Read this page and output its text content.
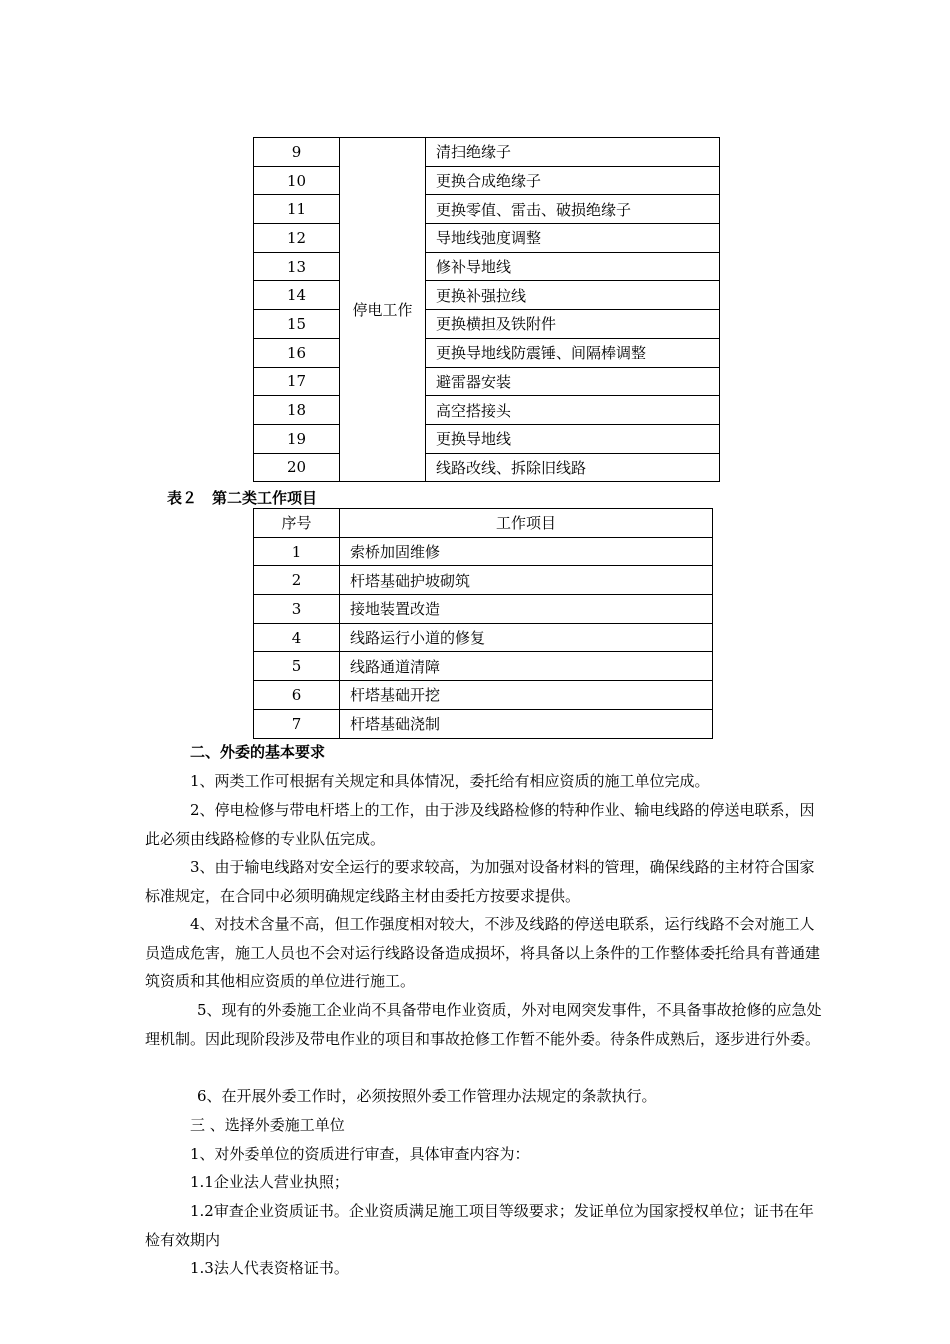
9	停电工作	清扫绝缘子
10		更换合成绝缘子
11		更换零值、雷击、破损绝缘子
12		导地线弛度调整
13		修补导地线
14		更换补强拉线
15		更换横担及铁附件
16		更换导地线防震锤、间隔棒调整
17		避雷器安装
18		高空搭接头
19		更换导地线
20		线路改线、拆除旧线路
表２　第二类工作项目
序号	工作项目
1	索桥加固维修
2	杆塔基础护坡砌筑
3	接地装置改造
4	线路运行小道的修复
5	线路通道清障
6	杆塔基础开挖
7	杆塔基础浇制
二、外委的基本要求
1、两类工作可根据有关规定和具体情况，委托给有相应资质的施工单位完成。
2、停电检修与带电杆塔上的工作，由于涉及线路检修的特种作业、输电线路的停送电联系，因此必须由线路检修的专业队伍完成。
3、由于输电线路对安全运行的要求较高，为加强对设备材料的管理，确保线路的主材符合国家标准规定，在合同中必须明确规定线路主材由委托方按要求提供。
4、对技术含量不高，但工作强度相对较大，不涉及线路的停送电联系，运行线路不会对施工人员造成危害，施工人员也不会对运行线路设备造成损坏，将具备以上条件的工作整体委托给具有普通建筑资质和其他相应资质的单位进行施工。
5、现有的外委施工企业尚不具备带电作业资质，外对电网突发事件，不具备事故抢修的应急处理机制。因此现阶段涉及带电作业的项目和事故抢修工作暂不能外委。待条件成熟后，逐步进行外委。
6、在开展外委工作时，必须按照外委工作管理办法规定的条款执行。
三 、选择外委施工单位
1、对外委单位的资质进行审查，具体审查内容为：
1.1企业法人营业执照；
1.2审查企业资质证书。企业资质满足施工项目等级要求；发证单位为国家授权单位；证书在年检有效期内
1.3法人代表资格证书。
